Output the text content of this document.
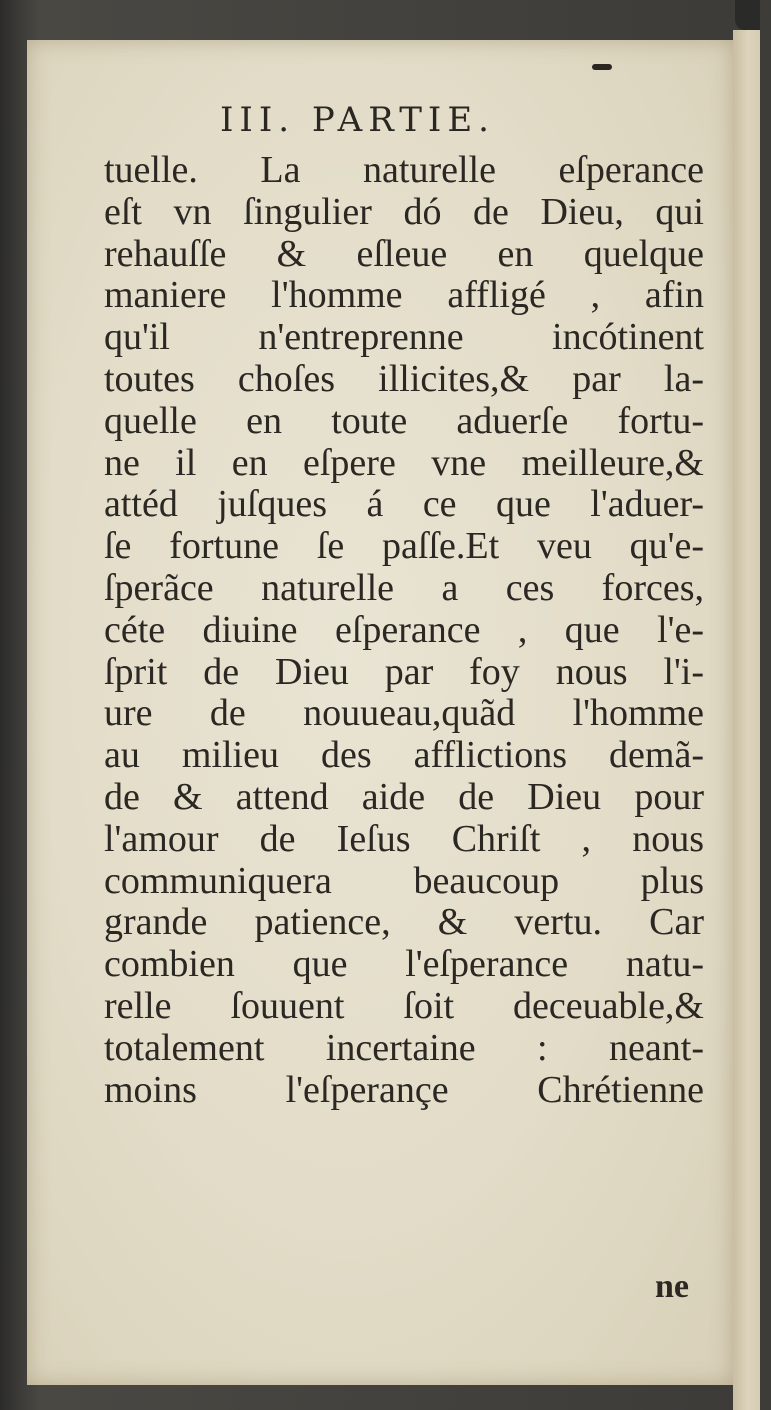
III. PARTIE.
tuelle. La naturelle eſperance
eſt vn ſingulier dó de Dieu, qui
rehauſſe & eſleue en quelque
maniere l'homme affligé , afin
qu'il n'entreprenne incótinent
toutes choſes illicites,& par la-
quelle en toute aduerſe fortu-
ne il en eſpere vne meilleure,&
attéd juſques á ce que l'aduer-
ſe fortune ſe paſſe.Et veu qu'e-
ſperãce naturelle a ces forces,
céte diuine eſperance , que l'e-
ſprit de Dieu par foy nous l'i-
ure de nouueau,quãd l'homme
au milieu des afflictions demã-
de & attend aide de Dieu pour
l'amour de Ieſus Chriſt , nous
communiquera beaucoup plus
grande patience, & vertu. Car
combien que l'eſperance natu-
relle ſouuent ſoit deceuable,&
totalement incertaine : neant-
moins l'eſperançe Chrétienne
ne
